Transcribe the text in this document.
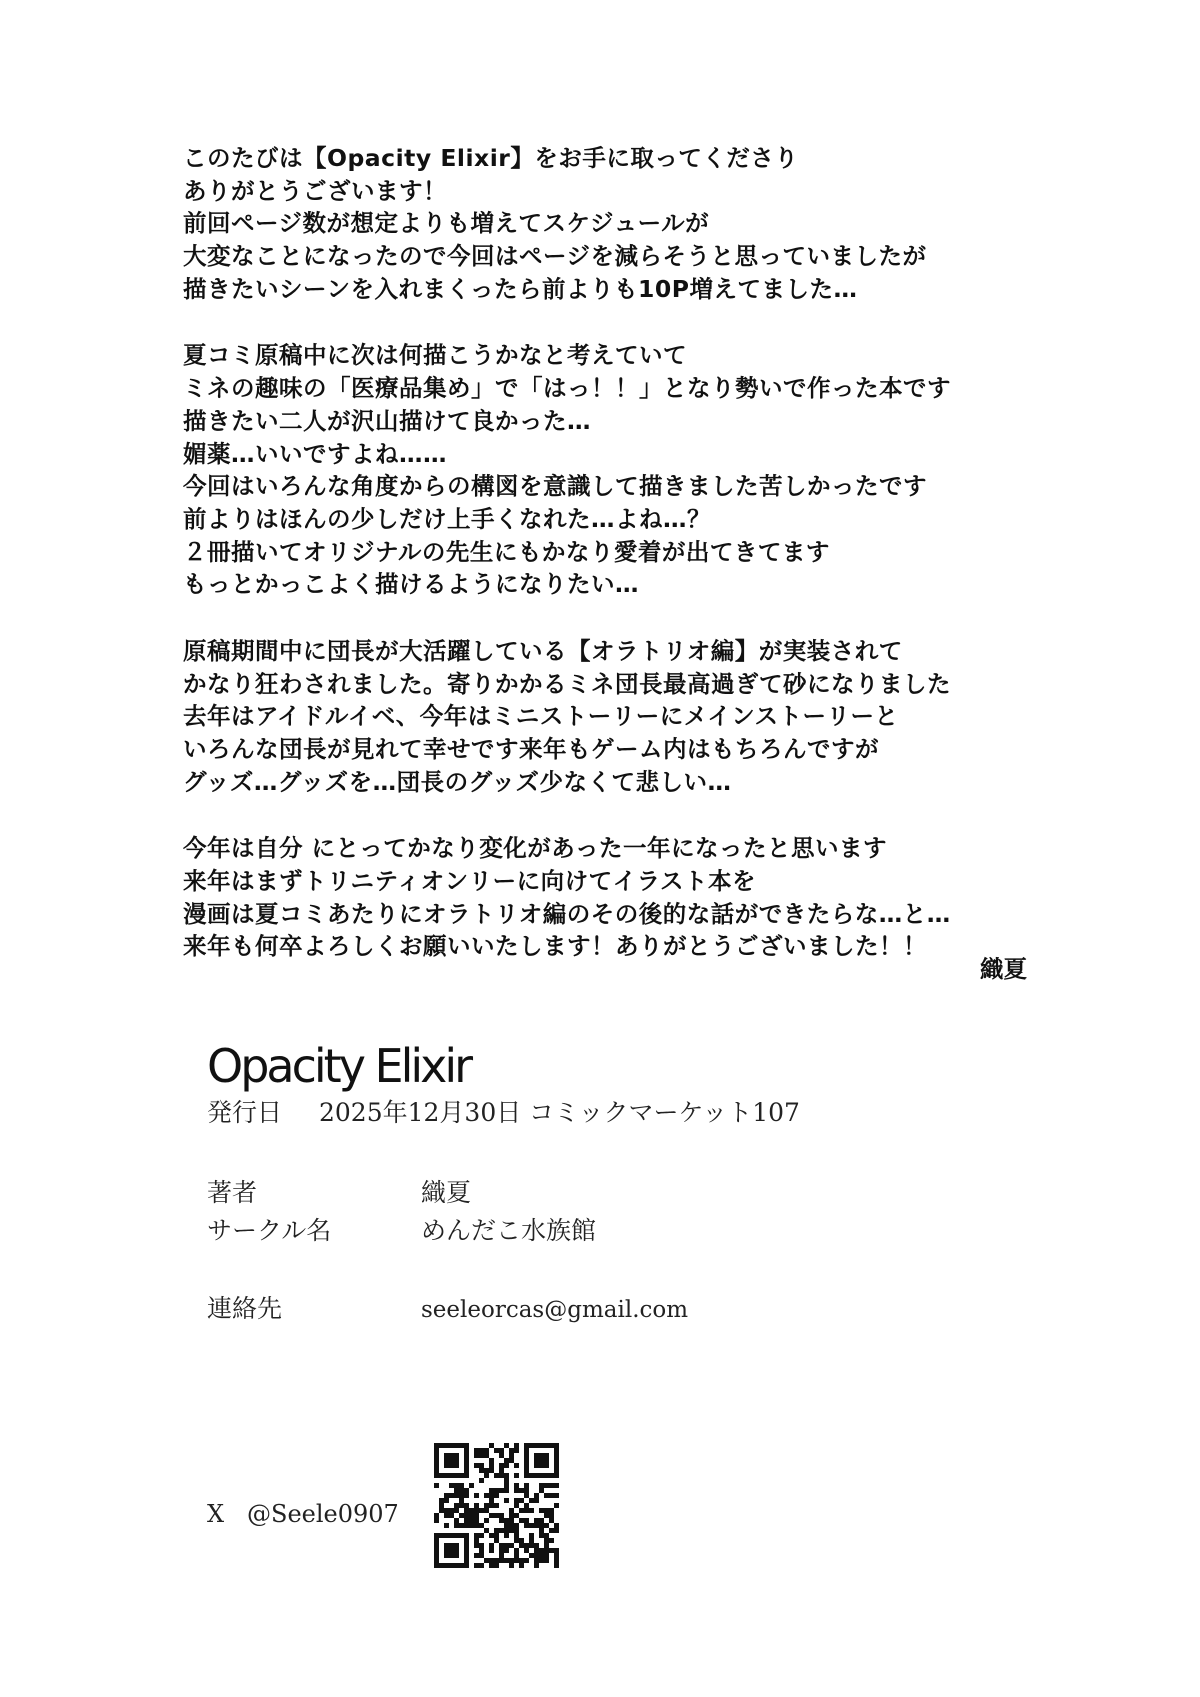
このたびは【Opacity Elixir】をお手に取ってくださり
ありがとうございます！
前回ページ数が想定よりも増えてスケジュールが
大変なことになったので今回はページを減らそうと思っていましたが
描きたいシーンを入れまくったら前よりも10P増えてました…
夏コミ原稿中に次は何描こうかなと考えていて
ミネの趣味の「医療品集め」で「はっ！！」となり勢いで作った本です
描きたい二人が沢山描けて良かった…
媚薬…いいですよね……
今回はいろんな角度からの構図を意識して描きました苦しかったです
前よりはほんの少しだけ上手くなれた…よね…？
２冊描いてオリジナルの先生にもかなり愛着が出てきてます
もっとかっこよく描けるようになりたい…
原稿期間中に団長が大活躍している【オラトリオ編】が実装されて
かなり狂わされました。寄りかかるミネ団長最高過ぎて砂になりました
去年はアイドルイベ、今年はミニストーリーにメインストーリーと
いろんな団長が見れて幸せです来年もゲーム内はもちろんですが
グッズ…グッズを…団長のグッズ少なくて悲しい…
今年は自分 にとってかなり変化があった一年になったと思います
来年はまずトリニティオンリーに向けてイラスト本を
漫画は夏コミあたりにオラトリオ編のその後的な話ができたらな…と…
来年も何卒よろしくお願いいたします！ありがとうございました！！
織夏
Opacity Elixir
発行日 2025年12月30日 コミックマーケット107
著者	織夏
サークル名	めんだこ水族館
連絡先	seeleorcas@gmail.com
X @Seele0907
